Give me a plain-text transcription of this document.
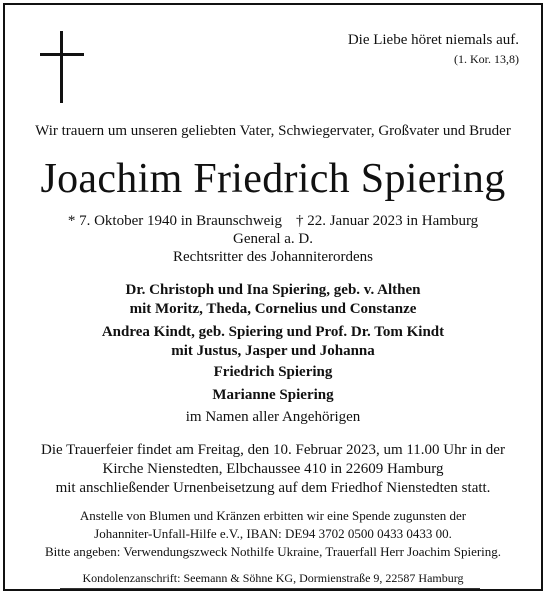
Die Liebe höret niemals auf.
(1. Kor. 13,8)
Wir trauern um unseren geliebten Vater, Schwiegervater, Großvater und Bruder
Joachim Friedrich Spiering
* 7. Oktober 1940 in Braunschweig † 22. Januar 2023 in Hamburg
General a. D.
Rechtsritter des Johanniterordens
Dr. Christoph und Ina Spiering, geb. v. Althen
mit Moritz, Theda, Cornelius und Constanze
Andrea Kindt, geb. Spiering und Prof. Dr. Tom Kindt
mit Justus, Jasper und Johanna
Friedrich Spiering
Marianne Spiering
im Namen aller Angehörigen
Die Trauerfeier findet am Freitag, den 10. Februar 2023, um 11.00 Uhr in der
Kirche Nienstedten, Elbchaussee 410 in 22609 Hamburg
mit anschließender Urnenbeisetzung auf dem Friedhof Nienstedten statt.
Anstelle von Blumen und Kränzen erbitten wir eine Spende zugunsten der
Johanniter-Unfall-Hilfe e.V., IBAN: DE94 3702 0500 0433 0433 00.
Bitte angeben: Verwendungszweck Nothilfe Ukraine, Trauerfall Herr Joachim Spiering.
Kondolenzanschrift: Seemann & Söhne KG, Dormienstraße 9, 22587 Hamburg
